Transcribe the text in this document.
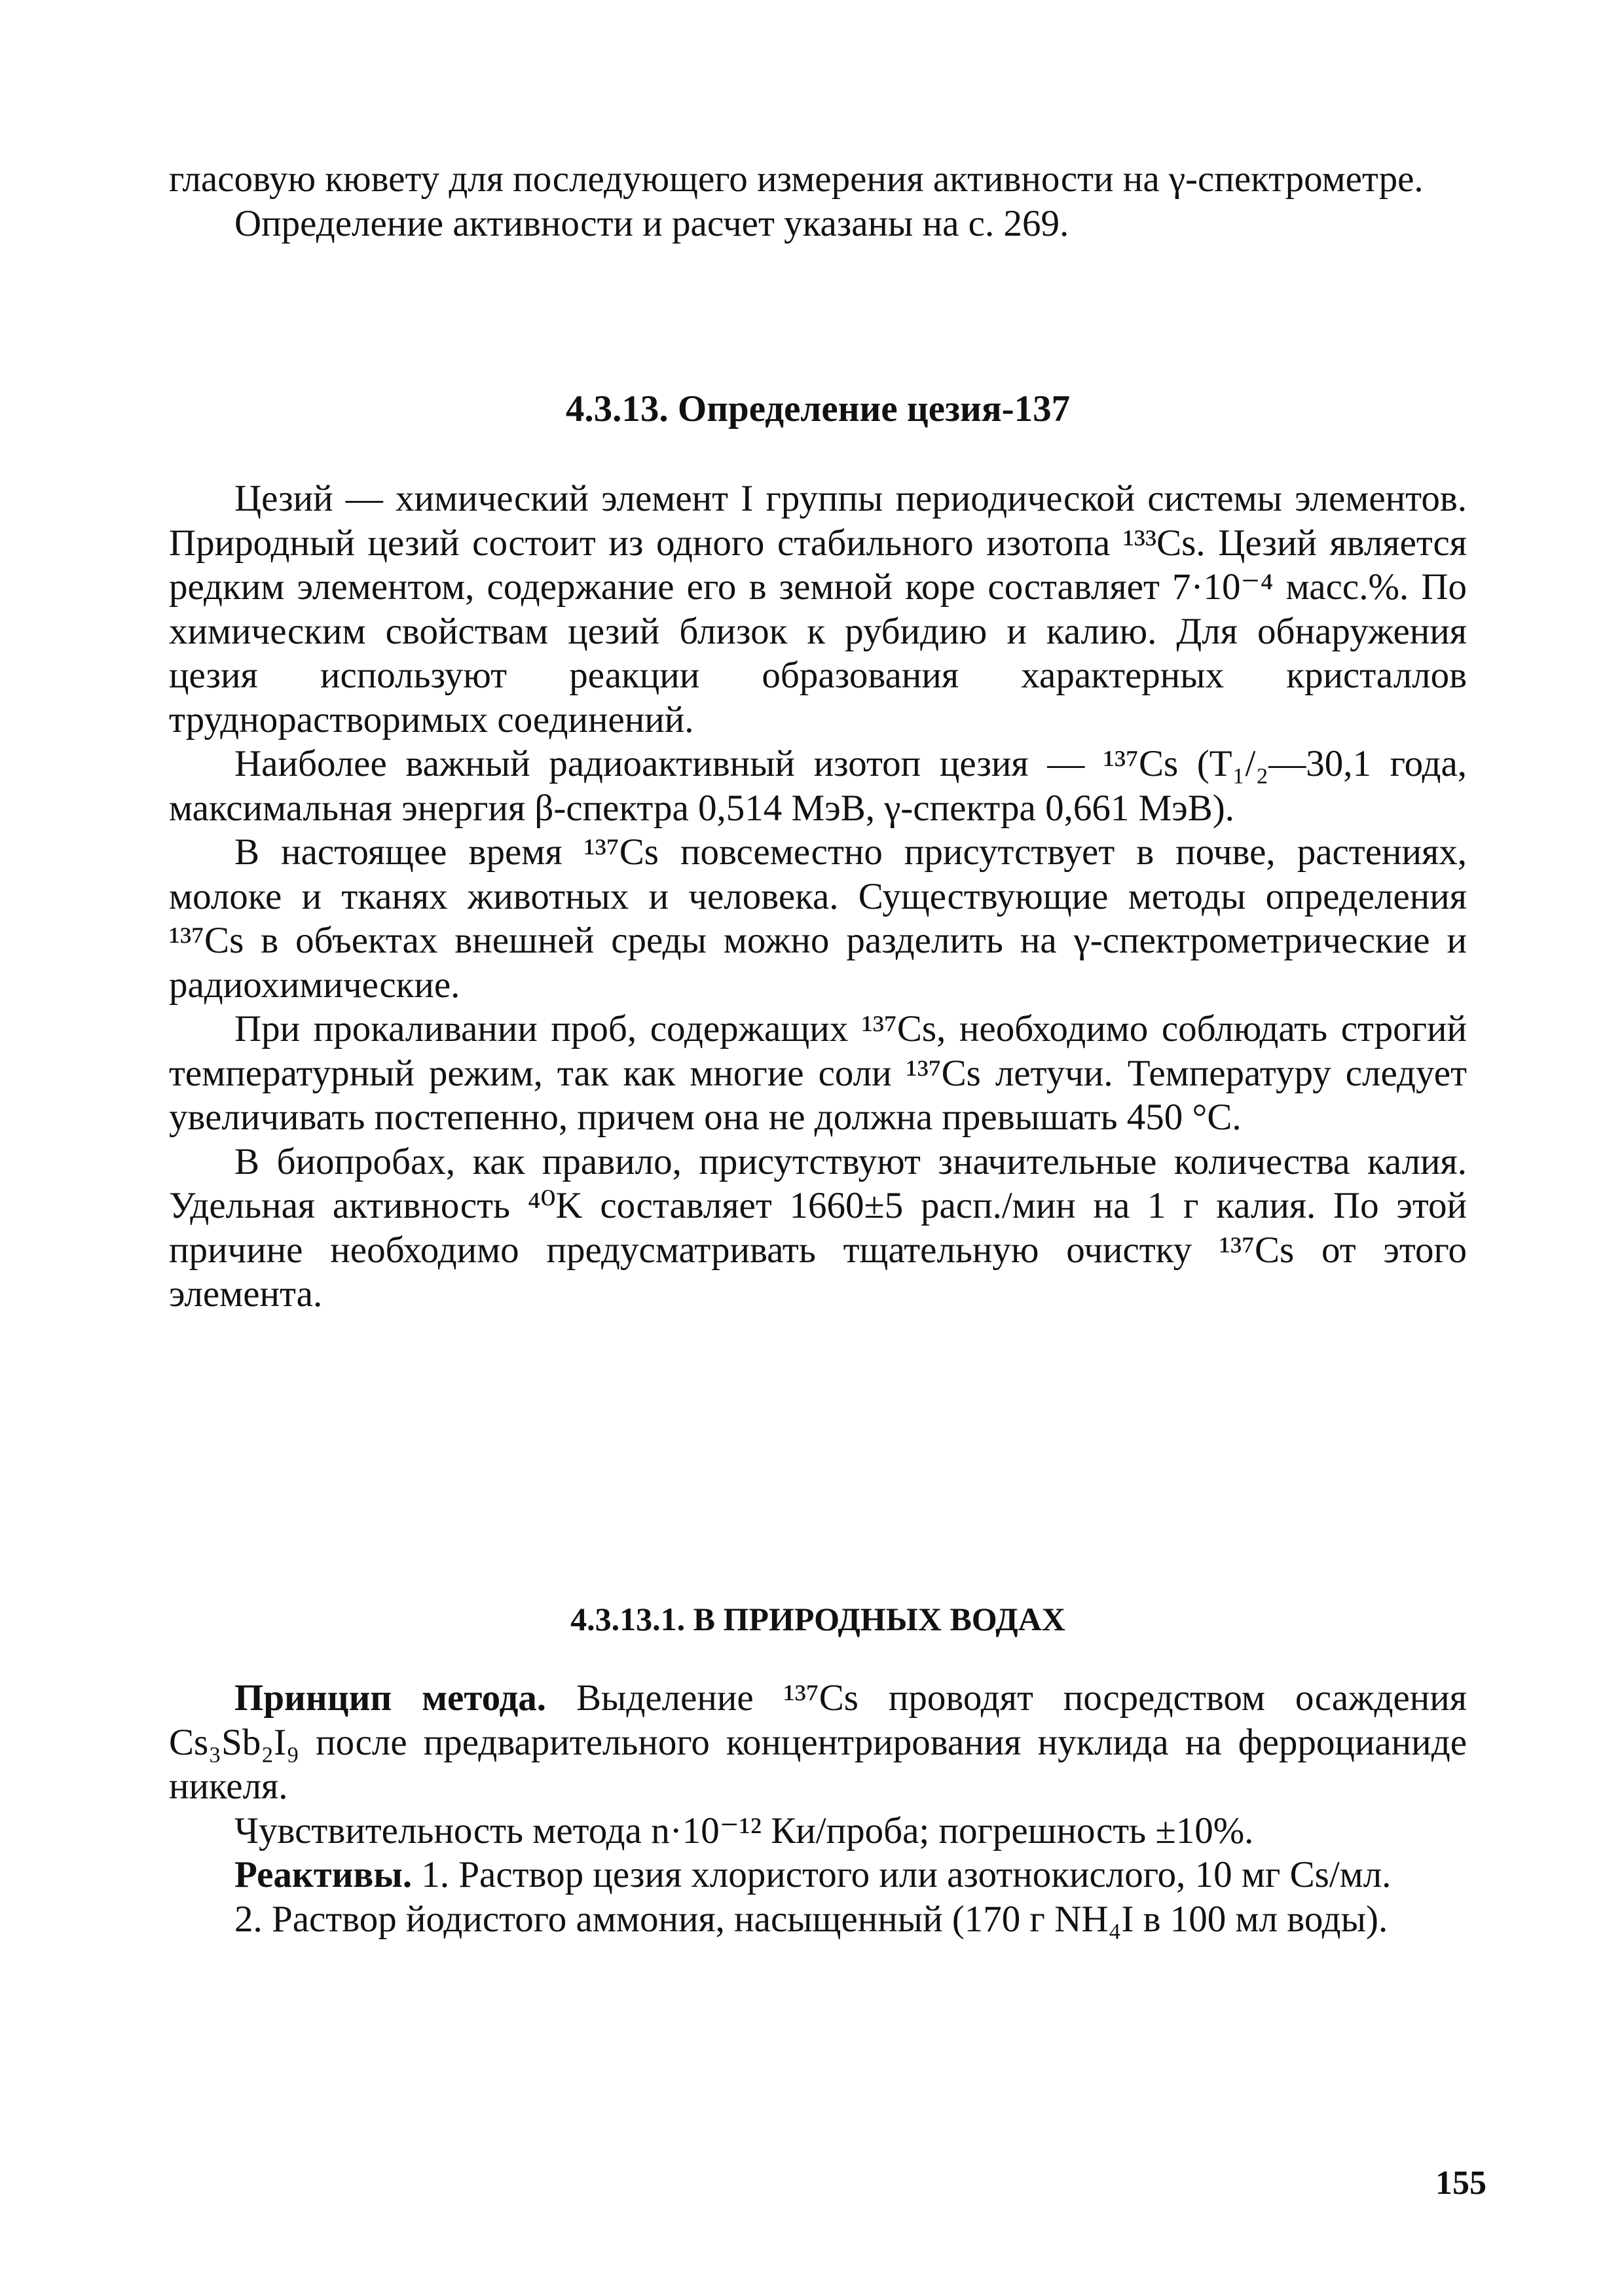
гласовую кювету для последующего измерения активности на γ-спектрометре.

Определение активности и расчет указаны на с. 269.

4.3.13. Определение цезия-137

Цезий — химический элемент I группы периодической системы элементов. Природный цезий состоит из одного стабильного изотопа ¹³³Cs. Цезий является редким элементом, содержание его в земной коре составляет 7·10⁻⁴ масс.%. По химическим свойствам цезий близок к рубидию и калию. Для обнаружения цезия используют реакции образования характерных кристаллов труднорастворимых соединений.

Наиболее важный радиоактивный изотоп цезия — ¹³⁷Cs (T₁/₂—30,1 года, максимальная энергия β-спектра 0,514 МэВ, γ-спектра 0,661 МэВ).

В настоящее время ¹³⁷Cs повсеместно присутствует в почве, растениях, молоке и тканях животных и человека. Существующие методы определения ¹³⁷Cs в объектах внешней среды можно разделить на γ-спектрометрические и радиохимические.

При прокаливании проб, содержащих ¹³⁷Cs, необходимо соблюдать строгий температурный режим, так как многие соли ¹³⁷Cs летучи. Температуру следует увеличивать постепенно, причем она не должна превышать 450 °С.

В биопробах, как правило, присутствуют значительные количества калия. Удельная активность ⁴⁰K составляет 1660±5 расп./мин на 1 г калия. По этой причине необходимо предусматривать тщательную очистку ¹³⁷Cs от этого элемента.

4.3.13.1. В ПРИРОДНЫХ ВОДАХ

Принцип метода. Выделение ¹³⁷Cs проводят посредством осаждения Cs₃Sb₂I₉ после предварительного концентрирования нуклида на ферроцианиде никеля.

Чувствительность метода n·10⁻¹² Ки/проба; погрешность ±10%.

Реактивы. 1. Раствор цезия хлористого или азотнокислого, 10 мг Cs/мл.

2. Раствор йодистого аммония, насыщенный (170 г NH₄I в 100 мл воды).

155
